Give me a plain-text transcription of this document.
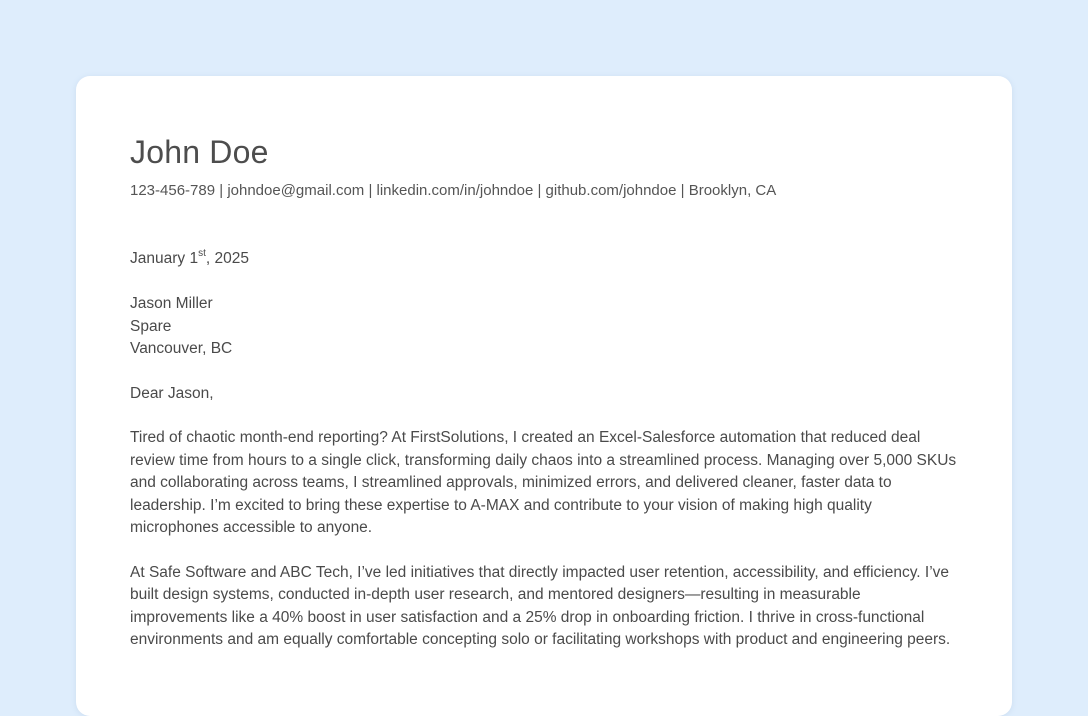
John Doe
123-456-789 | johndoe@gmail.com | linkedin.com/in/johndoe | github.com/johndoe | Brooklyn, CA
January 1st, 2025
Jason Miller
Spare
Vancouver, BC
Dear Jason,

Tired of chaotic month-end reporting? At FirstSolutions, I created an Excel-Salesforce automation that reduced deal review time from hours to a single click, transforming daily chaos into a streamlined process. Managing over 5,000 SKUs and collaborating across teams, I streamlined approvals, minimized errors, and delivered cleaner, faster data to leadership. I’m excited to bring these expertise to A-MAX and contribute to your vision of making high quality microphones accessible to anyone.

At Safe Software and ABC Tech, I’ve led initiatives that directly impacted user retention, accessibility, and efficiency. I’ve built design systems, conducted in-depth user research, and mentored designers—resulting in measurable improvements like a 40% boost in user satisfaction and a 25% drop in onboarding friction. I thrive in cross-functional environments and am equally comfortable concepting solo or facilitating workshops with product and engineering peers.
